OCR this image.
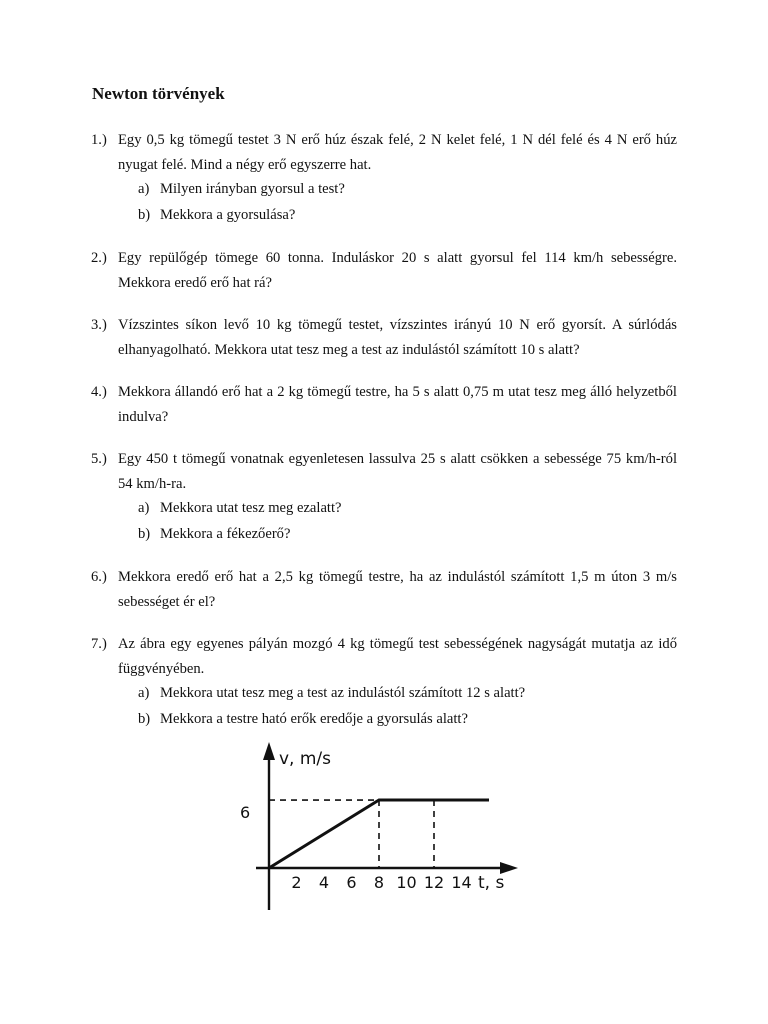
Newton törvények
1.) Egy 0,5 kg tömegű testet 3 N erő húz észak felé, 2 N kelet felé, 1 N dél felé és 4 N erő húz nyugat felé. Mind a négy erő egyszerre hat.
a) Milyen irányban gyorsul a test?
b) Mekkora a gyorsulása?
2.) Egy repülőgép tömege 60 tonna. Induláskor 20 s alatt gyorsul fel 114 km/h sebességre. Mekkora eredő erő hat rá?
3.) Vízszintes síkon levő 10 kg tömegű testet, vízszintes irányú 10 N erő gyorsít. A súrlódás elhanyagolható. Mekkora utat tesz meg a test az indulástól számított 10 s alatt?
4.) Mekkora állandó erő hat a 2 kg tömegű testre, ha 5 s alatt 0,75 m utat tesz meg álló helyzetből indulva?
5.) Egy 450 t tömegű vonatnak egyenletesen lassulva 25 s alatt csökken a sebessége 75 km/h-ról 54 km/h-ra.
a) Mekkora utat tesz meg ezalatt?
b) Mekkora a fékezőerő?
6.) Mekkora eredő erő hat a 2,5 kg tömegű testre, ha az indulástól számított 1,5 m úton 3 m/s sebességet ér el?
7.) Az ábra egy egyenes pályán mozgó 4 kg tömegű test sebességének nagyságát mutatja az idő függvényében.
a) Mekkora utat tesz meg a test az indulástól számított 12 s alatt?
b) Mekkora a testre ható erők eredője a gyorsulás alatt?
v, m/s
6
t, s
2 4 6 8 10 12 14
